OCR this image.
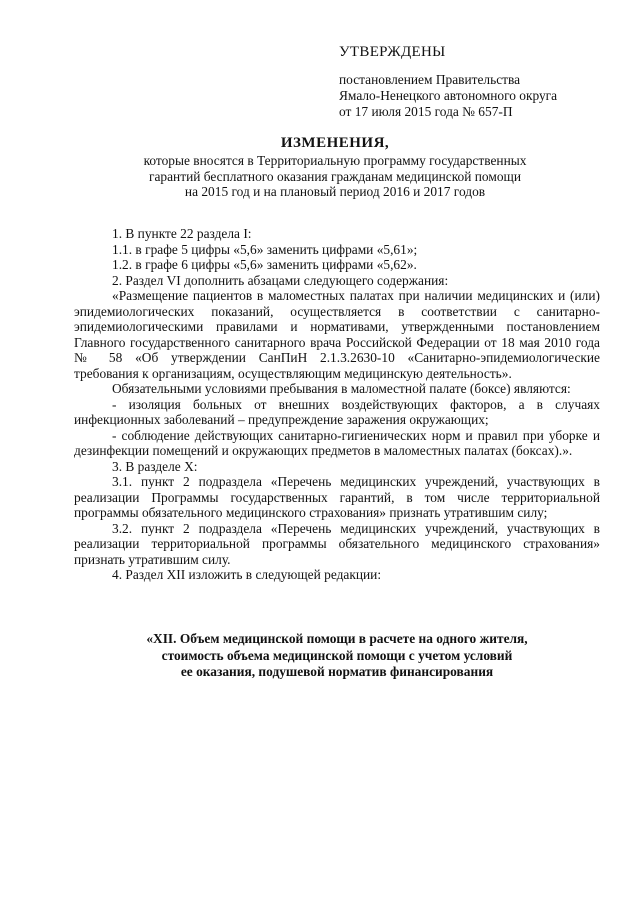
УТВЕРЖДЕНЫ
постановлением Правительства
Ямало-Ненецкого автономного округа
от 17 июля 2015 года № 657-П
ИЗМЕНЕНИЯ,
которые вносятся в Территориальную программу государственных
гарантий бесплатного оказания гражданам медицинской помощи
на 2015 год и на плановый период 2016 и 2017 годов

1. В пункте 22 раздела I:

1.1. в графе 5 цифры «5,6» заменить цифрами «5,61»;

1.2. в графе 6 цифры «5,6» заменить цифрами «5,62».

2. Раздел VI дополнить абзацами следующего содержания:

«Размещение пациентов в маломестных палатах при наличии медицинских и (или) эпидемиологических показаний, осуществляется в соответствии с санитарно-эпидемиологическими правилами и нормативами, утвержденными постановлением Главного государственного санитарного врача Российской Федерации от 18 мая 2010 года № 58 «Об утверждении СанПиН 2.1.3.2630-10 «Санитарно-эпидемиологические требования к организациям, осуществляющим медицинскую деятельность».

Обязательными условиями пребывания в маломестной палате (боксе) являются:

- изоляция больных от внешних воздействующих факторов, а в случаях инфекционных заболеваний – предупреждение заражения окружающих;

- соблюдение действующих санитарно-гигиенических норм и правил при уборке и дезинфекции помещений и окружающих предметов в маломестных палатах (боксах).».

3. В разделе X:

3.1. пункт 2 подраздела «Перечень медицинских учреждений, участвующих в реализации Программы государственных гарантий, в том числе территориальной программы обязательного медицинского страхования» признать утратившим силу;

3.2. пункт 2 подраздела «Перечень медицинских учреждений, участвующих в реализации территориальной программы обязательного медицинского страхования» признать утратившим силу.

4. Раздел XII изложить в следующей редакции:

«XII. Объем медицинской помощи в расчете на одного жителя,
стоимость объема медицинской помощи с учетом условий
ее оказания, подушевой норматив финансирования
